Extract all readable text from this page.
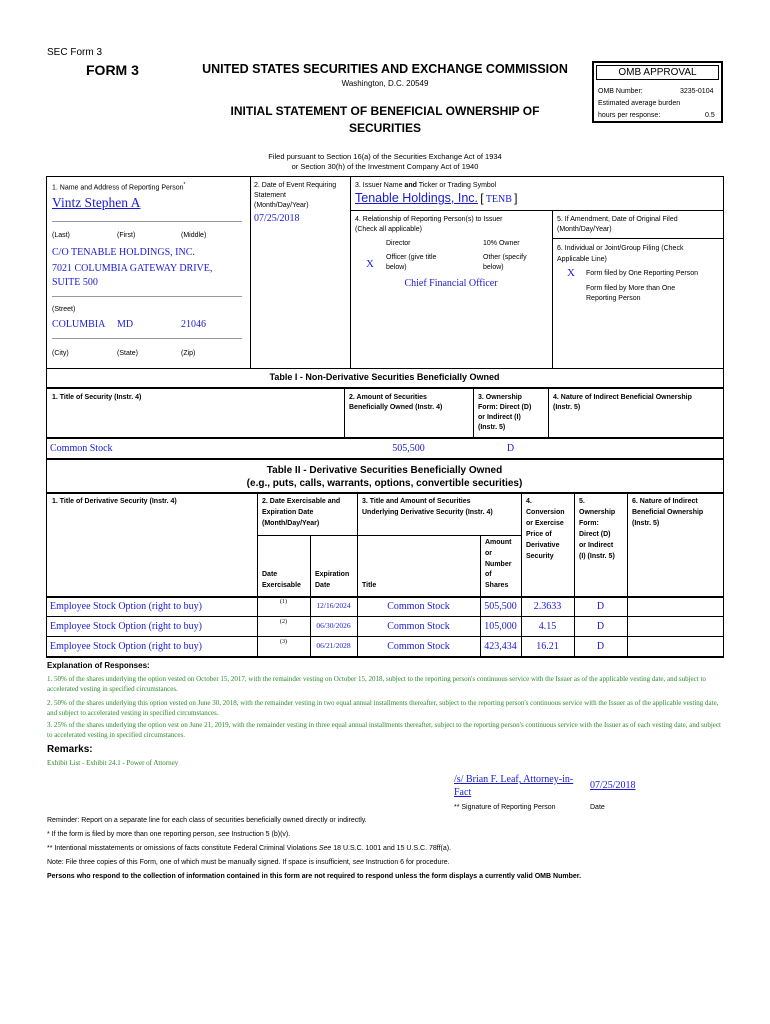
SEC Form 3
FORM 3	UNITED STATES SECURITIES AND EXCHANGE COMMISSION
Washington, D.C. 20549
INITIAL STATEMENT OF BENEFICIAL OWNERSHIP OF
SECURITIES
Filed pursuant to Section 16(a) of the Securities Exchange Act of 1934
or Section 30(h) of the Investment Company Act of 1940
OMB APPROVAL
OMB Number:	3235-0104
Estimated average burden
hours per response:	0.5
1. Name and Address of Reporting Person*
Vintz Stephen A
(Last)	(First)	(Middle)
C/O TENABLE HOLDINGS, INC.
7021 COLUMBIA GATEWAY DRIVE,
SUITE 500
(Street)
COLUMBIA MD	21046
(City)	(State)	(Zip)
2. Date of Event Requiring
Statement
(Month/Day/Year)
07/25/2018
3. Issuer Name and Ticker or Trading Symbol
Tenable Holdings, Inc. [ TENB ]
4. Relationship of Reporting Person(s) to Issuer
(Check all applicable)
Director	10% Owner
X
Officer (give title
below)
Other (specify
below)
Chief Financial Officer
5. If Amendment, Date of Original Filed
(Month/Day/Year)
6. Individual or Joint/Group Filing (Check
Applicable Line)
X Form filed by One Reporting Person
Form filed by More than One
Reporting Person
Table I - Non-Derivative Securities Beneficially Owned
1. Title of Security (Instr. 4)	2. Amount of Securities
Beneficially Owned (Instr. 4)
3. Ownership
Form: Direct (D)
or Indirect (I)
(Instr. 5)
4. Nature of Indirect Beneficial Ownership
(Instr. 5)
Common Stock	505,500	D
Table II - Derivative Securities Beneficially Owned
(e.g., puts, calls, warrants, options, convertible securities)
1. Title of Derivative Security (Instr. 4)	2. Date Exercisable and
Expiration Date
(Month/Day/Year)
3. Title and Amount of Securities
Underlying Derivative Security (Instr. 4)
4.
Conversion
or Exercise
Price of
Derivative
Security
5.
Ownership
Form:
Direct (D)
or Indirect
(I) (Instr. 5)
6. Nature of Indirect
Beneficial Ownership
(Instr. 5)
Date
Exercisable
Expiration
Date	Title
Amount
or
Number
of
Shares
Employee Stock Option (right to buy)	(1)	12/16/2024	Common Stock	505,500	2.3633	D
Employee Stock Option (right to buy)	(2)	06/30/2026	Common Stock	105,000	4.15	D
Employee Stock Option (right to buy)	(3)	06/21/2028	Common Stock	423,434	16.21	D
Explanation of Responses:
1. 50% of the shares underlying the option vested on October 15, 2017, with the remainder vesting on October 15, 2018, subject to the reporting person's continuous service with the Issuer as of the applicable vesting date, and subject to accelerated vesting in specified circumstances.
2. 50% of the shares underlying this option vested on June 30, 2018, with the remainder vesting in two equal annual installments thereafter, subject to the reporting person's continuous service with the Issuer as of the applicable vesting date, and subject to accelerated vesting in specified circumstances.
3. 25% of the shares underlying the option vest on June 21, 2019, with the remainder vesting in three equal annual installments thereafter, subject to the reporting person's continuous service with the Issuer as of each vesting date, and subject to accelerated vesting in specified circumstances.
Remarks:
Exhibit List - Exhibit 24.1 - Power of Attorney
/s/ Brian F. Leaf, Attorney-in-Fact
07/25/2018
** Signature of Reporting Person	Date
Reminder: Report on a separate line for each class of securities beneficially owned directly or indirectly.
* If the form is filed by more than one reporting person, see Instruction 5 (b)(v).
** Intentional misstatements or omissions of facts constitute Federal Criminal Violations See 18 U.S.C. 1001 and 15 U.S.C. 78ff(a).
Note: File three copies of this Form, one of which must be manually signed. If space is insufficient, see Instruction 6 for procedure.
Persons who respond to the collection of information contained in this form are not required to respond unless the form displays a currently valid OMB Number.
